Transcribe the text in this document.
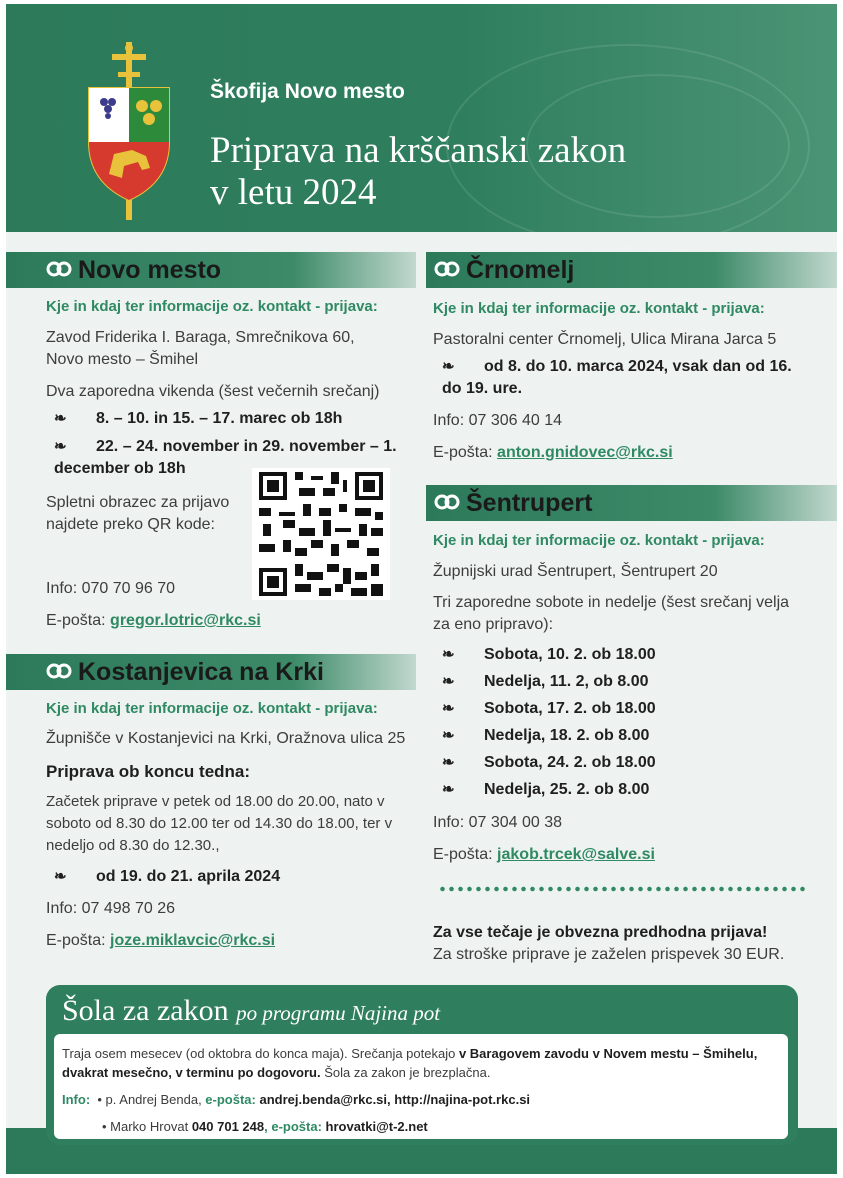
Škofija Novo mesto
Priprava na krščanski zakon
v letu 2024
Novo mesto
Kje in kdaj ter informacije oz. kontakt - prijava:
Zavod Friderika I. Baraga, Smrečnikova 60, Novo mesto – Šmihel
Dva zaporedna vikenda (šest večernih srečanj)
❧ 8. – 10. in 15. – 17. marec ob 18h
❧ 22. – 24. november in 29. november – 1. december ob 18h
Spletni obrazec za prijavo najdete preko QR kode:
Info: 070 70 96 70
E-pošta: gregor.lotric@rkc.si
Kostanjevica na Krki
Kje in kdaj ter informacije oz. kontakt - prijava:
Župnišče v Kostanjevici na Krki, Oražnova ulica 25
Priprava ob koncu tedna:
Začetek priprave v petek od 18.00 do 20.00, nato v soboto od 8.30 do 12.00 ter od 14.30 do 18.00, ter v nedeljo od 8.30 do 12.30.,
❧ od 19. do 21. aprila 2024
Info: 07 498 70 26
E-pošta: joze.miklavcic@rkc.si
Črnomelj
Kje in kdaj ter informacije oz. kontakt - prijava:
Pastoralni center Črnomelj, Ulica Mirana Jarca 5
❧ od 8. do 10. marca 2024, vsak dan od 16. do 19. ure.
Info: 07 306 40 14
E-pošta: anton.gnidovec@rkc.si
Šentrupert
Kje in kdaj ter informacije oz. kontakt - prijava:
Župnijski urad Šentrupert, Šentrupert 20
Tri zaporedne sobote in nedelje (šest srečanj velja za eno pripravo):
❧ Sobota, 10. 2. ob 18.00
❧ Nedelja, 11. 2, ob 8.00
❧ Sobota, 17. 2. ob 18.00
❧ Nedelja, 18. 2. ob 8.00
❧ Sobota, 24. 2. ob 18.00
❧ Nedelja, 25. 2. ob 8.00
Info: 07 304 00 38
E-pošta: jakob.trcek@salve.si
Za vse tečaje je obvezna predhodna prijava!
Za stroške priprave je zaželen prispevek 30 EUR.
Šola za zakon po programu Najina pot
Traja osem mesecev (od oktobra do konca maja). Srečanja potekajo v Baragovem zavodu v Novem mestu – Šmihelu, dvakrat mesečno, v terminu po dogovoru. Šola za zakon je brezplačna.
Info:  • p. Andrej Benda, e-pošta: andrej.benda@rkc.si, http://najina-pot.rkc.si
• Marko Hrovat 040 701 248, e-pošta: hrovatki@t-2.net
